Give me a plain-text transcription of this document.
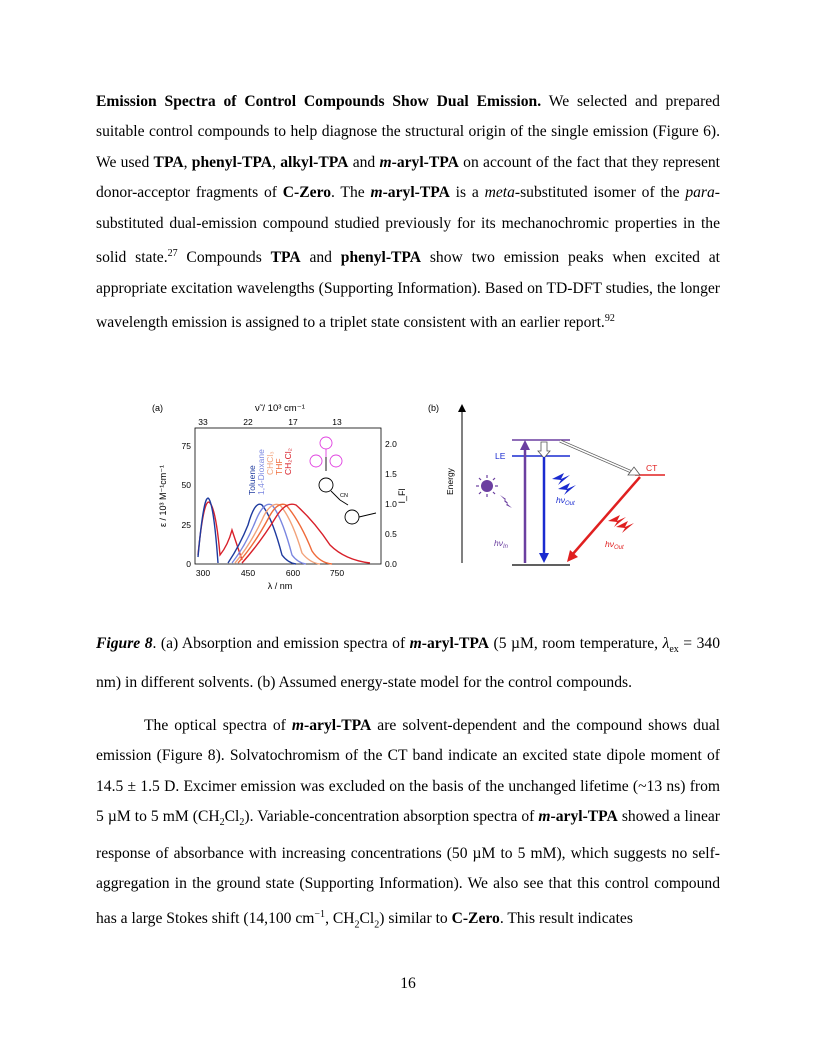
Emission Spectra of Control Compounds Show Dual Emission. We selected and prepared suitable control compounds to help diagnose the structural origin of the single emission (Figure 6). We used TPA, phenyl-TPA, alkyl-TPA and m-aryl-TPA on account of the fact that they represent donor-acceptor fragments of C-Zero. The m-aryl-TPA is a meta-substituted isomer of the para-substituted dual-emission compound studied previously for its mechanochromic properties in the solid state.$^{27}$ Compounds TPA and phenyl-TPA show two emission peaks when excited at appropriate excitation wavelengths (Supporting Information). Based on TD-DFT studies, the longer wavelength emission is assigned to a triplet state consistent with an earlier report.$^{92}$

(a)	ν̃ / 10³ cm⁻¹
33	22	17	13
75
50
25
0
2.0
1.5
1.0
0.5
0.0
300	450	600	750
λ / nm
ε / 10³ M⁻¹cm⁻¹	I_Fl
Toluene 1,4-Dioxane CHCl₃ THF CH₂Cl₂
CN
(b)
Energy
LE
CT
$h\nu_{In}$
$h\nu_{Out}$
$h\nu_{Out}$

Figure 8. (a) Absorption and emission spectra of m-aryl-TPA (5 µM, room temperature, $\lambda_{ex} = 340$ nm) in different solvents. (b) Assumed energy-state model for the control compounds.

The optical spectra of m-aryl-TPA are solvent-dependent and the compound shows dual emission (Figure 8). Solvatochromism of the CT band indicate an excited state dipole moment of 14.5 ± 1.5 D. Excimer emission was excluded on the basis of the unchanged lifetime (~13 ns) from 5 µM to 5 mM $(CH_2Cl_2)$. Variable-concentration absorption spectra of m-aryl-TPA showed a linear response of absorbance with increasing concentrations (50 µM to 5 mM), which suggests no self-aggregation in the ground state (Supporting Information). We also see that this control compound has a large Stokes shift (14,100 $cm^{-1}$, $CH_2Cl_2$) similar to C-Zero. This result indicates

16
